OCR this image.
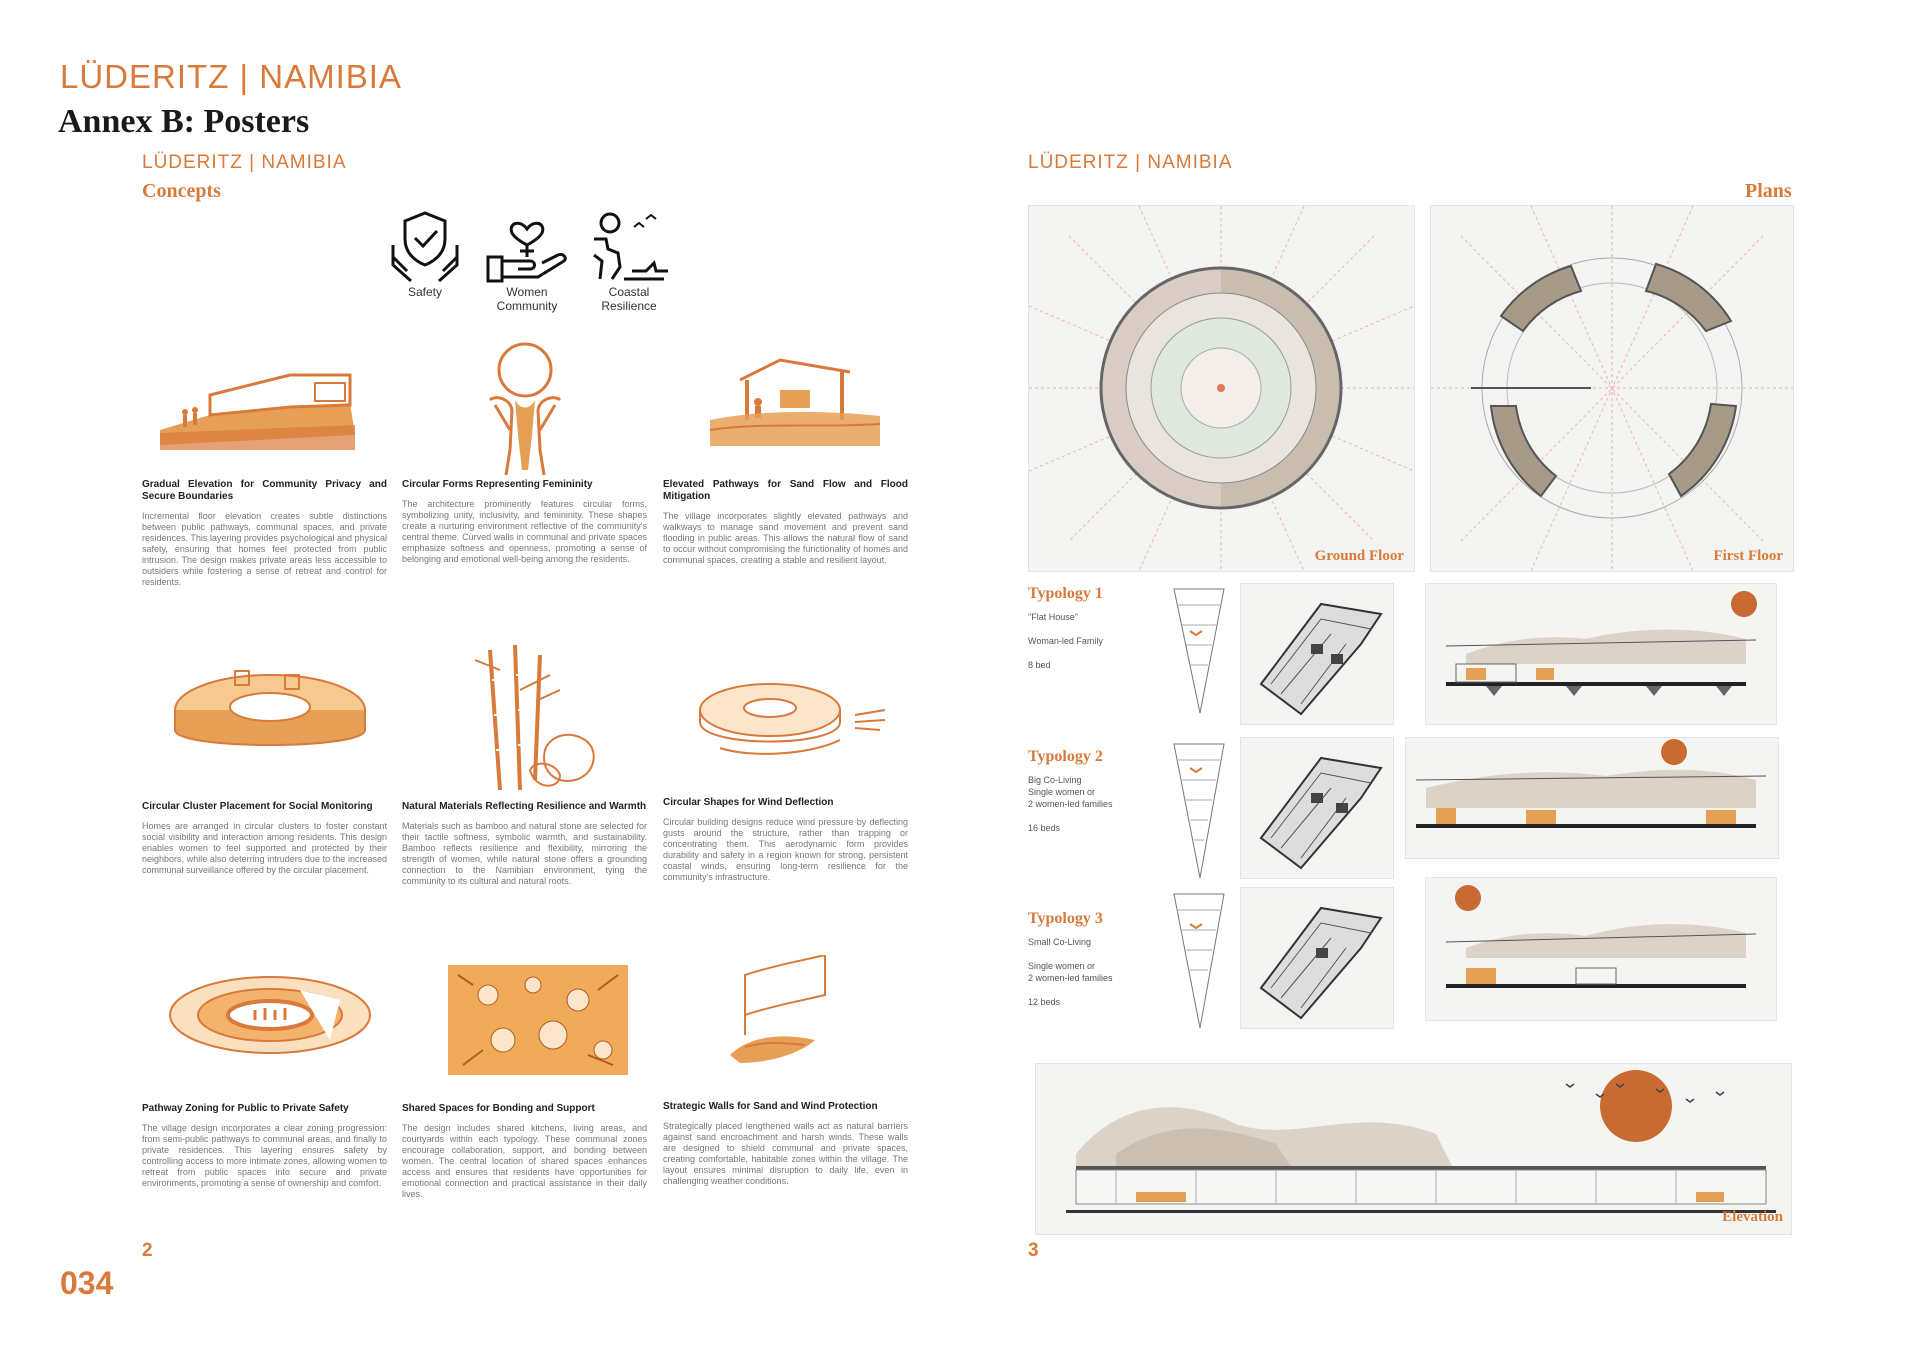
LÜDERITZ | NAMIBIA
Annex B: Posters
034
LÜDERITZ | NAMIBIA
Concepts
2
Safety	Women
Community
Coastal
Resilience
Gradual Elevation for Community Privacy and Secure Boundaries
Incremental floor elevation creates subtle distinctions between public pathways, communal spaces, and private residences. This layering provides psychological and physical safety, ensuring that homes feel protected from public intrusion. The design makes private areas less accessible to outsiders while fostering a sense of retreat and control for residents.
Circular Forms Representing Femininity
The architecture prominently features circular forms, symbolizing unity, inclusivity, and femininity. These shapes create a nurturing environment reflective of the community's central theme. Curved walls in communal and private spaces emphasize softness and openness, promoting a sense of belonging and emotional well-being among the residents.
Elevated Pathways for Sand Flow and Flood Mitigation
The village incorporates slightly elevated pathways and walkways to manage sand movement and prevent sand flooding in public areas. This allows the natural flow of sand to occur without compromising the functionality of homes and communal spaces, creating a stable and resilient layout.
Circular Cluster Placement for Social Monitoring
Homes are arranged in circular clusters to foster constant social visibility and interaction among residents. This design enables women to feel supported and protected by their neighbors, while also deterring intruders due to the increased communal surveillance offered by the circular placement.
Natural Materials Reflecting Resilience and Warmth
Materials such as bamboo and natural stone are selected for their tactile softness, symbolic warmth, and sustainability. Bamboo reflects resilience and flexibility, mirroring the strength of women, while natural stone offers a grounding connection to the Namibian environment, tying the community to its cultural and natural roots.
Circular Shapes for Wind Deflection
Circular building designs reduce wind pressure by deflecting gusts around the structure, rather than trapping or concentrating them. This aerodynamic form provides durability and safety in a region known for strong, persistent coastal winds, ensuring long-term resilience for the community's infrastructure.
Pathway Zoning for Public to Private Safety
The village design incorporates a clear zoning progression: from semi-public pathways to communal areas, and finally to private residences. This layering ensures safety by controlling access to more intimate zones, allowing women to retreat from public spaces into secure and private environments, promoting a sense of ownership and comfort.
Shared Spaces for Bonding and Support
The design includes shared kitchens, living areas, and courtyards within each typology. These communal zones encourage collaboration, support, and bonding between women. The central location of shared spaces enhances access and ensures that residents have opportunities for emotional connection and practical assistance in their daily lives.
Strategic Walls for Sand and Wind Protection
Strategically placed lengthened walls act as natural barriers against sand encroachment and harsh winds. These walls are designed to shield communal and private spaces, creating comfortable, habitable zones within the village. The layout ensures minimal disruption to daily life, even in challenging weather conditions.
LÜDERITZ | NAMIBIA
Plans
3
Ground Floor	First Floor
Typology 1
"Flat House"
Woman-led Family
8 bed
Typology 2
Big Co-Living
Single women or
2 women-led families
16 beds
Typology 3
Small Co-Living
Single women or
2 women-led families
12 beds
Elevation
